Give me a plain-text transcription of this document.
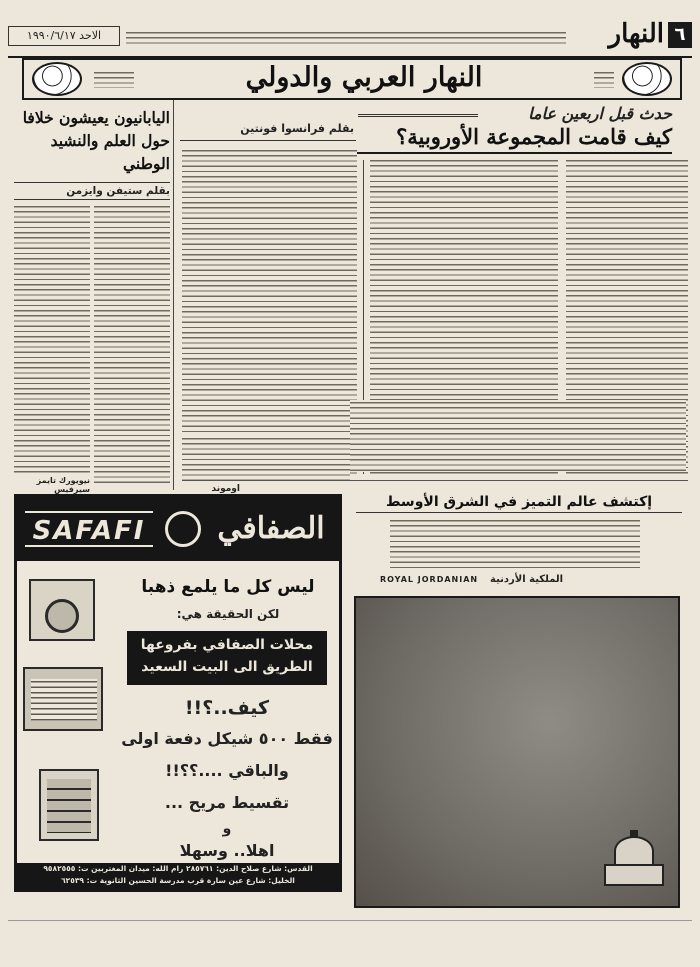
٦
النهار
الاحد ١٩٩٠/٦/١٧
النهار العربي والدولي
حدث قبل اربعين عاما
كيف قامت المجموعة الأوروبية؟
بقلم فرانسوا فونتين
اليابانيون يعيشون خلافا حول العلم والنشيد الوطني
بقلم ستيفن وايزمن
نيويورك تايمز سيرفيس	اوموند
SAFAFI الصفافي
ليس كل ما يلمع ذهبا
لكن الحقيقة هي:
محلات الصفافي بفروعها
الطريق الى البيت السعيد
كيف..؟!!
فقط ٥٠٠ شيكل دفعة اولى
والباقي ....؟؟!!
تقسيط مريح ...
و
اهلا.. وسهلا
القدس: شارع صلاح الدين: ٢٨٥٧٦١ رام الله: ميدان المغتربين ت: ٩٥٨٢٥٥٥
الخليل: شارع عين سارة قرب مدرسة الحسين الثانوية ت: ٦٢٥٣٩
إكتشف عالم التميز في الشرق الأوسط
ROYAL JORDANIAN الملكية الأردنية
